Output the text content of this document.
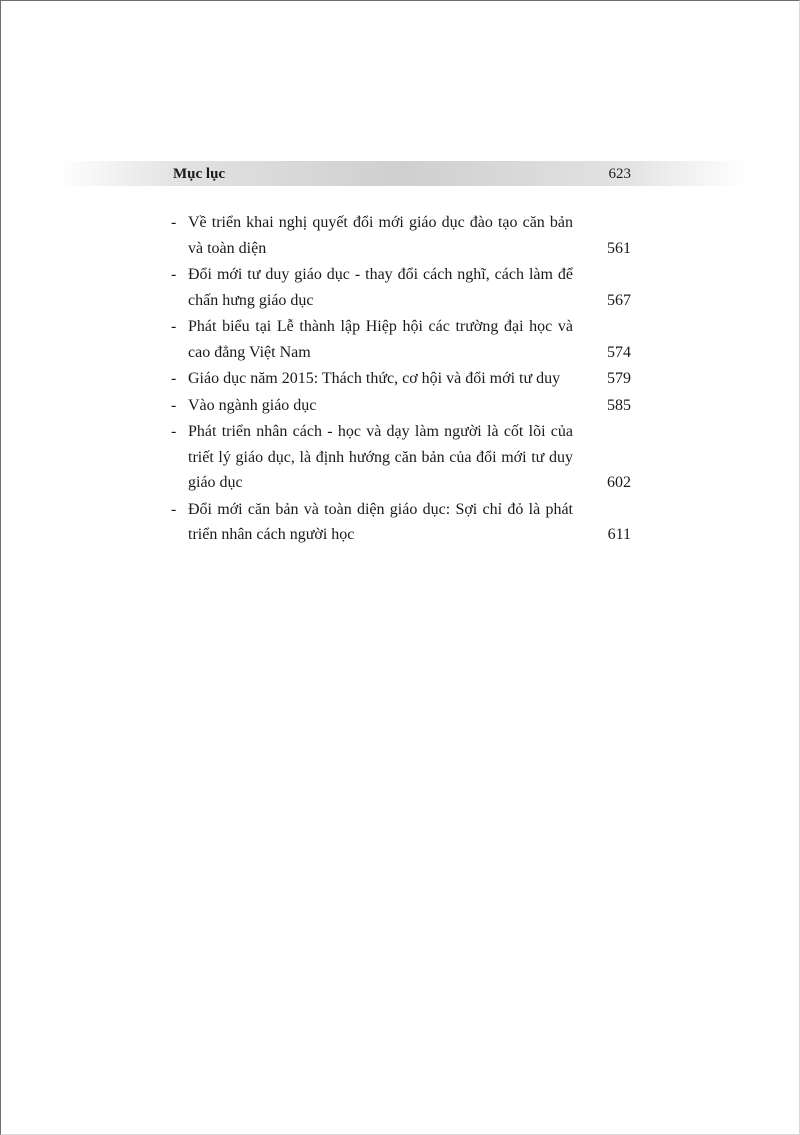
Mục lục	623
- Về triển khai nghị quyết đổi mới giáo dục đào tạo căn bản và toàn diện	561
- Đổi mới tư duy giáo dục - thay đổi cách nghĩ, cách làm để chấn hưng giáo dục	567
- Phát biểu tại Lễ thành lập Hiệp hội các trường đại học và cao đẳng Việt Nam	574
- Giáo dục năm 2015: Thách thức, cơ hội và đổi mới tư duy	579
- Vào ngành giáo dục	585
- Phát triển nhân cách - học và dạy làm người là cốt lõi của triết lý giáo dục, là định hướng căn bản của đổi mới tư duy giáo dục	602
- Đổi mới căn bản và toàn diện giáo dục: Sợi chỉ đỏ là phát triển nhân cách người học	611
